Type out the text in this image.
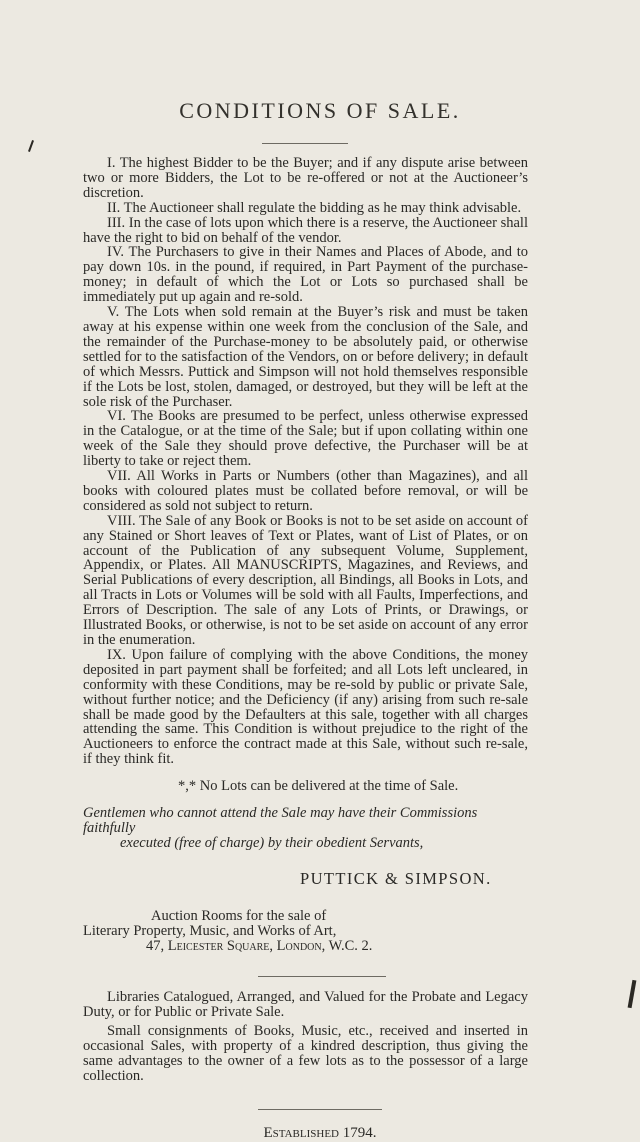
CONDITIONS OF SALE.

I. The highest Bidder to be the Buyer; and if any dispute arise between two or more Bidders, the Lot to be re-offered or not at the Auctioneer’s discretion.

II. The Auctioneer shall regulate the bidding as he may think advisable.

III. In the case of lots upon which there is a reserve, the Auctioneer shall have the right to bid on behalf of the vendor.

IV. The Purchasers to give in their Names and Places of Abode, and to pay down 10s. in the pound, if required, in Part Payment of the purchase-money; in default of which the Lot or Lots so purchased shall be immediately put up again and re-sold.

V. The Lots when sold remain at the Buyer’s risk and must be taken away at his expense within one week from the conclusion of the Sale, and the remainder of the Purchase-money to be absolutely paid, or otherwise settled for to the satisfaction of the Vendors, on or before delivery; in default of which Messrs. Puttick and Simpson will not hold themselves responsible if the Lots be lost, stolen, damaged, or destroyed, but they will be left at the sole risk of the Purchaser.

VI. The Books are presumed to be perfect, unless otherwise expressed in the Catalogue, or at the time of the Sale; but if upon collating within one week of the Sale they should prove defective, the Purchaser will be at liberty to take or reject them.

VII. All Works in Parts or Numbers (other than Magazines), and all books with coloured plates must be collated before removal, or will be considered as sold not subject to return.

VIII. The Sale of any Book or Books is not to be set aside on account of any Stained or Short leaves of Text or Plates, want of List of Plates, or on account of the Publication of any subsequent Volume, Supplement, Appendix, or Plates. All MANUSCRIPTS, Magazines, and Reviews, and Serial Publications of every description, all Bindings, all Books in Lots, and all Tracts in Lots or Volumes will be sold with all Faults, Imperfections, and Errors of Description. The sale of any Lots of Prints, or Drawings, or Illustrated Books, or otherwise, is not to be set aside on account of any error in the enumeration.

IX. Upon failure of complying with the above Conditions, the money deposited in part payment shall be forfeited; and all Lots left uncleared, in conformity with these Conditions, may be re-sold by public or private Sale, without further notice; and the Deficiency (if any) arising from such re-sale shall be made good by the Defaulters at this sale, together with all charges attending the same. This Condition is without prejudice to the right of the Auctioneers to enforce the contract made at this Sale, without such re-sale, if they think fit.

*,* No Lots can be delivered at the time of Sale.

Gentlemen who cannot attend the Sale may have their Commissions faithfully

executed (free of charge) by their obedient Servants,

PUTTICK & SIMPSON.

Auction Rooms for the sale of

Literary Property, Music, and Works of Art,

47, Leicester Square, London, W.C. 2.

Libraries Catalogued, Arranged, and Valued for the Probate and Legacy Duty, or for Public or Private Sale.

Small consignments of Books, Music, etc., received and inserted in occasional Sales, with property of a kindred description, thus giving the same advantages to the owner of a few lots as to the possessor of a large collection.

Established 1794.
